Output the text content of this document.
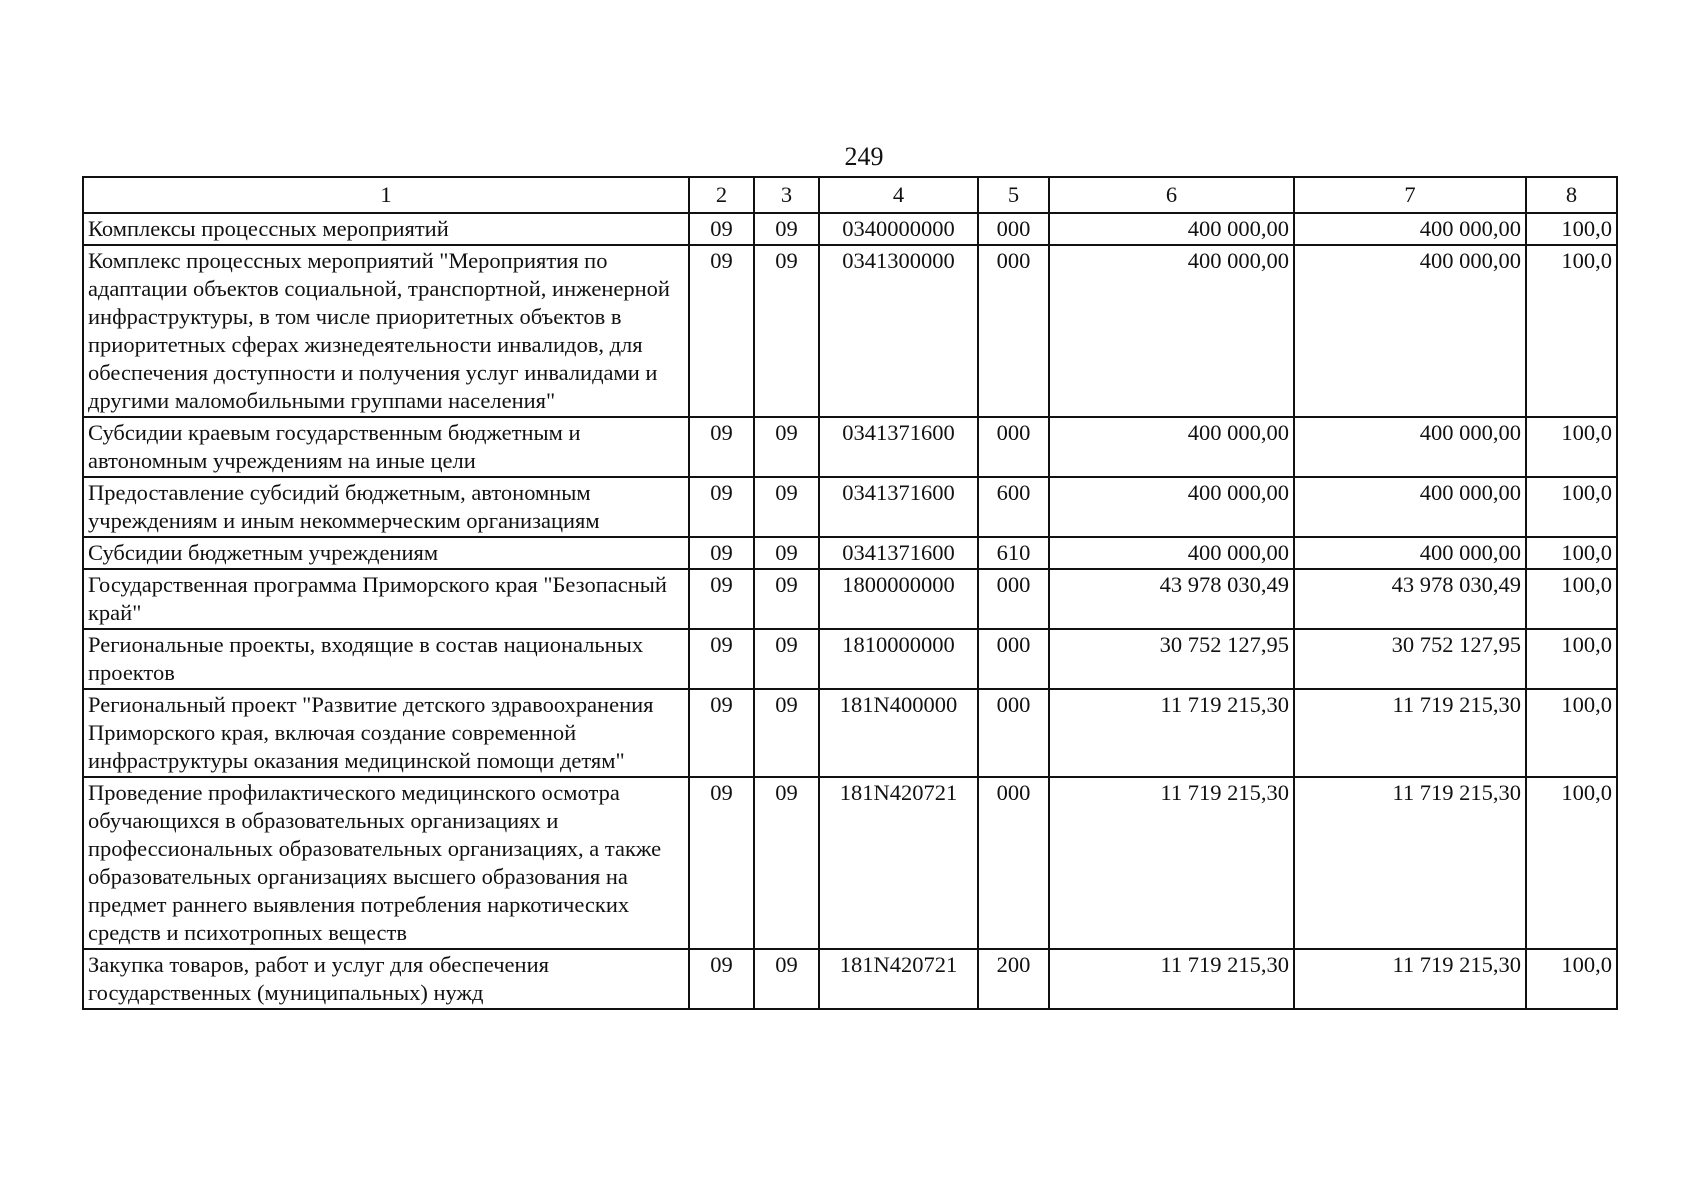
249
1	2	3	4	5	6	7	8
Комплексы процессных мероприятий	09	09	0340000000	000	400 000,00	400 000,00	100,0
Комплекс процессных мероприятий "Мероприятия по адаптации объектов социальной, транспортной, инженерной инфраструктуры, в том числе приоритетных объектов в приоритетных сферах жизнедеятельности инвалидов, для обеспечения доступности и получения услуг инвалидами и другими маломобильными группами населения"	09	09	0341300000	000	400 000,00	400 000,00	100,0
Субсидии краевым государственным бюджетным и автономным учреждениям на иные цели	09	09	0341371600	000	400 000,00	400 000,00	100,0
Предоставление субсидий бюджетным, автономным учреждениям и иным некоммерческим организациям	09	09	0341371600	600	400 000,00	400 000,00	100,0
Субсидии бюджетным учреждениям	09	09	0341371600	610	400 000,00	400 000,00	100,0
Государственная программа Приморского края "Безопасный край"	09	09	1800000000	000	43 978 030,49	43 978 030,49	100,0
Региональные проекты, входящие в состав национальных проектов	09	09	1810000000	000	30 752 127,95	30 752 127,95	100,0
Региональный проект "Развитие детского здравоохранения Приморского края, включая создание современной инфраструктуры оказания медицинской помощи детям"	09	09	181N400000	000	11 719 215,30	11 719 215,30	100,0
Проведение профилактического медицинского осмотра обучающихся в образовательных организациях и профессиональных образовательных организациях, а также образовательных организациях высшего образования на предмет раннего выявления потребления наркотических средств и психотропных веществ	09	09	181N420721	000	11 719 215,30	11 719 215,30	100,0
Закупка товаров, работ и услуг для обеспечения государственных (муниципальных) нужд	09	09	181N420721	200	11 719 215,30	11 719 215,30	100,0
